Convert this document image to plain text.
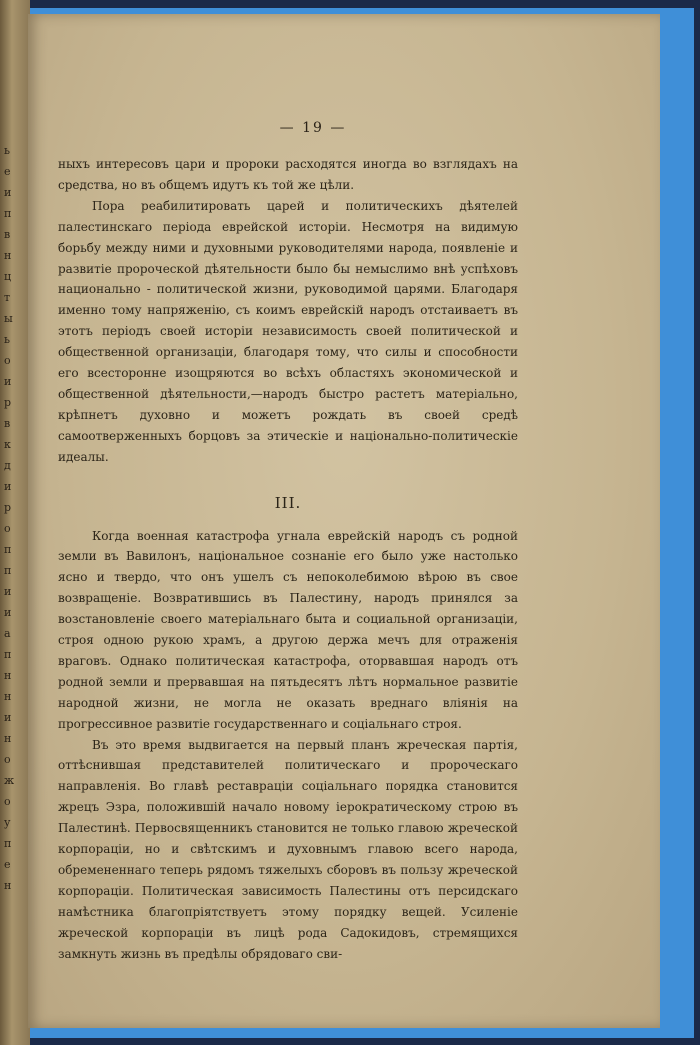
ь
е
и
п
в
н
ц
т
ы
ь
о
и
р
в
к
д
и
р
о
п
п
и
и
а
п
н
н
и
н
о
ж
о
у
п
е
н
— 19 —

ныхъ интересовъ цари и пророки расходятся иногда во взглядахъ на средства, но въ общемъ идутъ къ той же цѣли.

Пора реабилитировать царей и политическихъ дѣятелей палестинскаго періода еврейской исторіи. Несмотря на видимую борьбу между ними и духовными руководителями народа, появленіе и развитіе пророческой дѣятельности было бы немыслимо внѣ успѣховъ национально - политической жизни, руководимой царями. Благодаря именно тому напряженію, съ коимъ еврейскій народъ отстаиваетъ въ этотъ періодъ своей исторіи независимость своей политической и общественной организаціи, благодаря тому, что силы и способности его всесторонне изощряются во всѣхъ областяхъ экономической и общественной дѣятельности,—народъ быстро растетъ матеріально, крѣпнетъ духовно и можетъ рождать въ своей средѣ самоотверженныхъ борцовъ за этическіе и національно-политическіе идеалы.

III.

Когда военная катастрофа угнала еврейскій народъ съ родной земли въ Вавилонъ, національное сознаніе его было уже настолько ясно и твердо, что онъ ушелъ съ непоколебимою вѣрою въ свое возвращеніе. Возвратившись въ Палестину, народъ принялся за возстановленіе своего матеріальнаго быта и социальной организаціи, строя одною рукою храмъ, а другою держа мечъ для отраженія враговъ. Однако политическая катастрофа, оторвавшая народъ отъ родной земли и прервавшая на пятьдесятъ лѣтъ нормальное развитіе народной жизни, не могла не оказать вреднаго вліянія на прогрессивное развитіе государственнаго и соціальнаго строя.

Въ это время выдвигается на первый планъ жреческая партія, оттѣснившая представителей политическаго и пророческаго направленія. Во главѣ реставраціи соціальнаго порядка становится жрецъ Эзра, положившій начало новому іерократическому строю въ Палестинѣ. Первосвященникъ становится не только главою жреческой корпораціи, но и свѣтскимъ и духовнымъ главою всего народа, обремененнаго теперь рядомъ тяжелыхъ сборовъ въ пользу жреческой корпораціи. Политическая зависимость Палестины отъ персидскаго намѣстника благопріятствуетъ этому порядку вещей. Усиленіе жреческой корпораціи въ лицѣ рода Садокидовъ, стремящихся замкнуть жизнь въ предѣлы обрядоваго сви-
